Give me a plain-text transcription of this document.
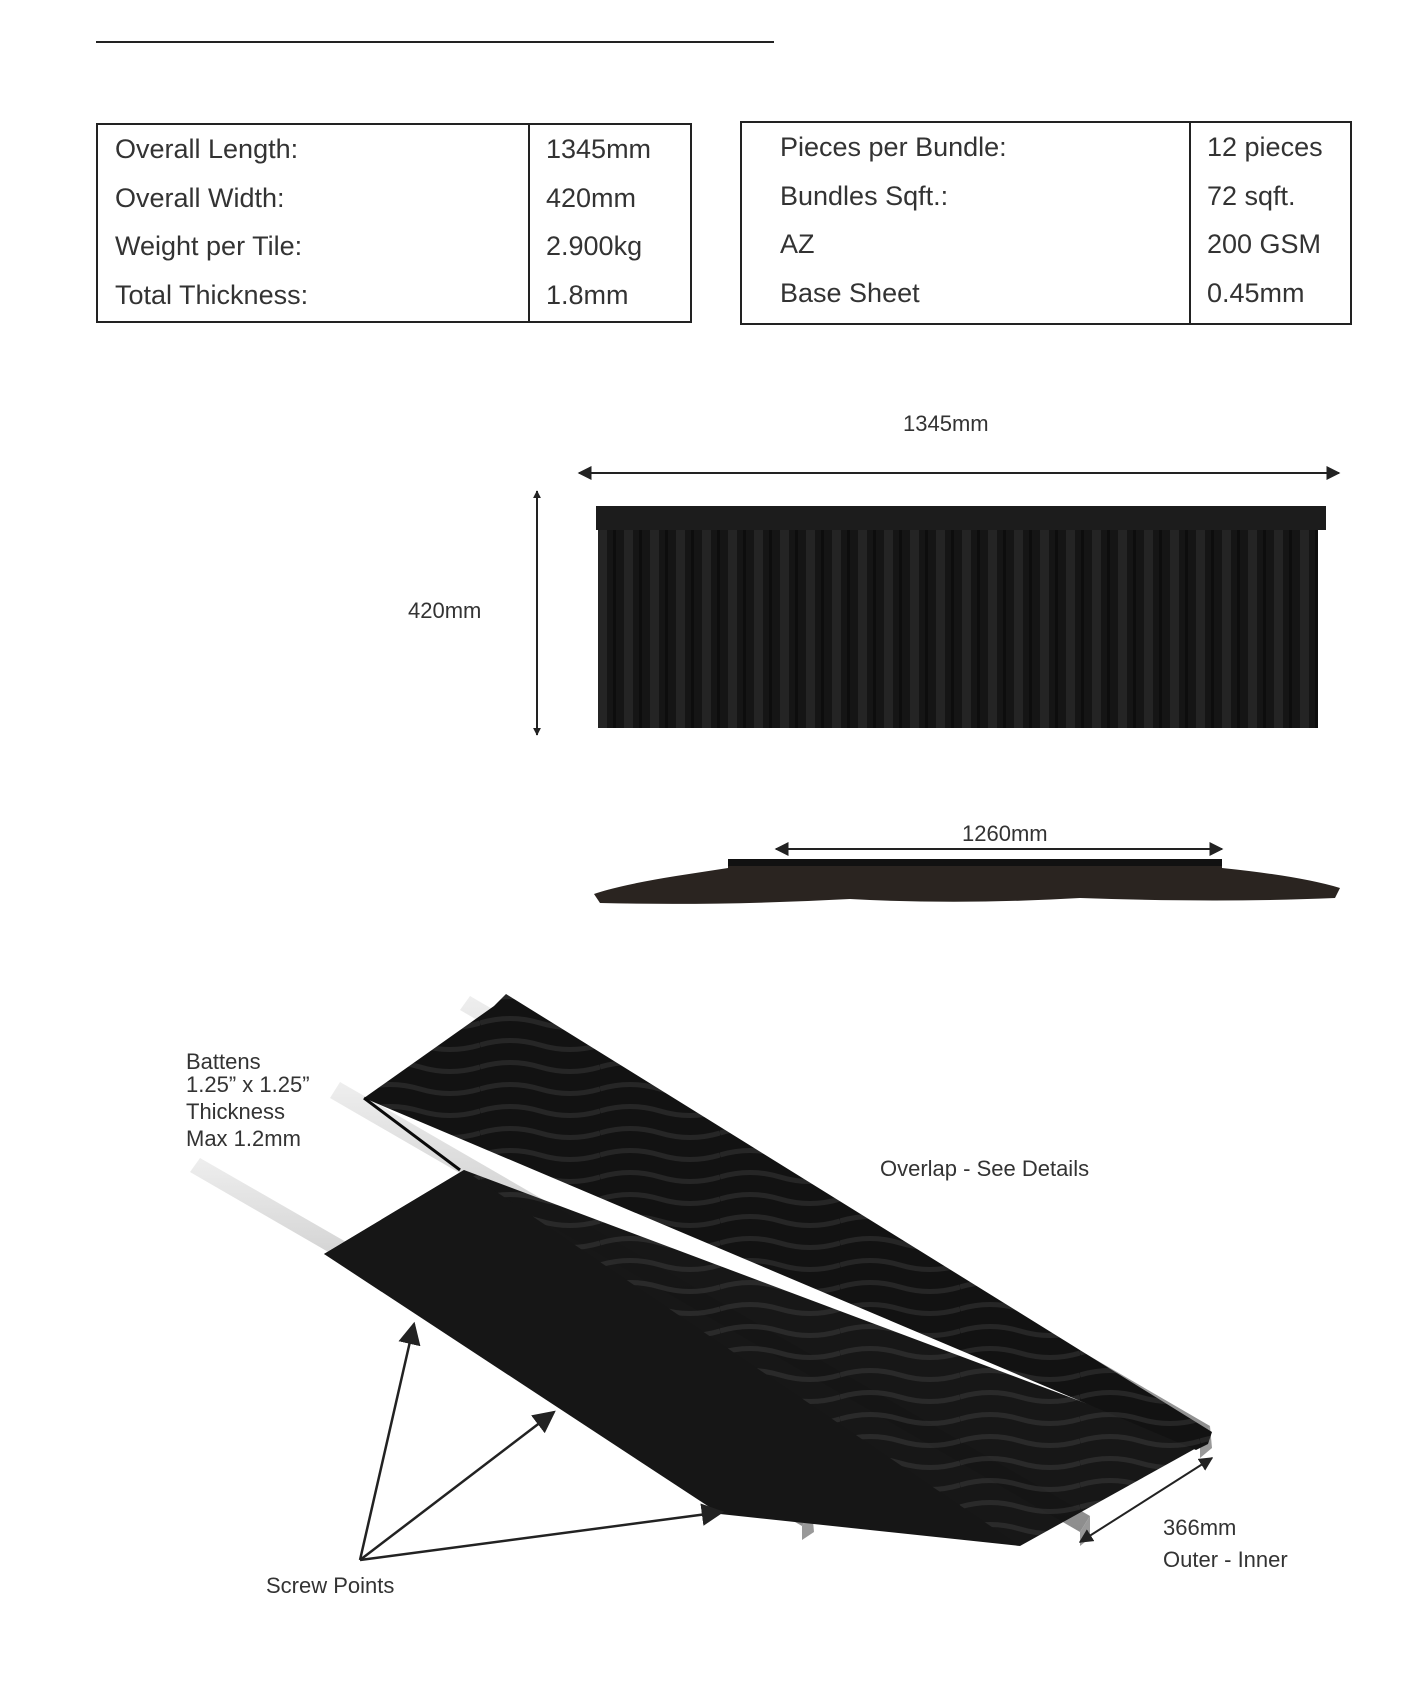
Overall Length:
Overall Width:
Weight per Tile:
Total Thickness:
1345mm
420mm
2.900kg
1.8mm
Pieces per Bundle:
Bundles Sqft.:
AZ
Base Sheet
12 pieces
72 sqft.
200 GSM
0.45mm
1345mm
420mm
1260mm
Battens
1.25” x 1.25”
Thickness
Max 1.2mm
Overlap - See Details
366mm
Outer - Inner
Screw Points
